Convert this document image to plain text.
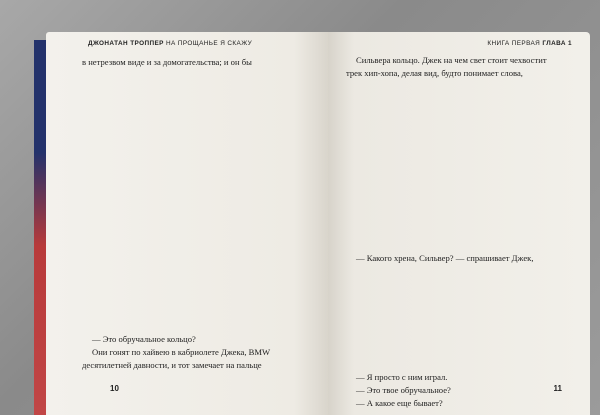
ДЖОНАТАН ТРОППЕР НА ПРОЩАНЬЕ Я СКАЖУ
в нетрезвом виде и за домогательства; и он бы
— Это обручальное кольцо?
Они гонят по хайвею в кабриолете Джека, BMW
десятилетней давности, и тот замечает на пальце
10
КНИГА ПЕРВАЯ ГЛАВА 1
Сильвера кольцо. Джек на чем свет стоит чехвостит
трек хип-хопа, делая вид, будто понимает слова,
— Какого хрена, Сильвер? — спрашивает Джек,
— Я просто с ним играл.
— Это твое обручальное?
— А какое еще бывает?
11
